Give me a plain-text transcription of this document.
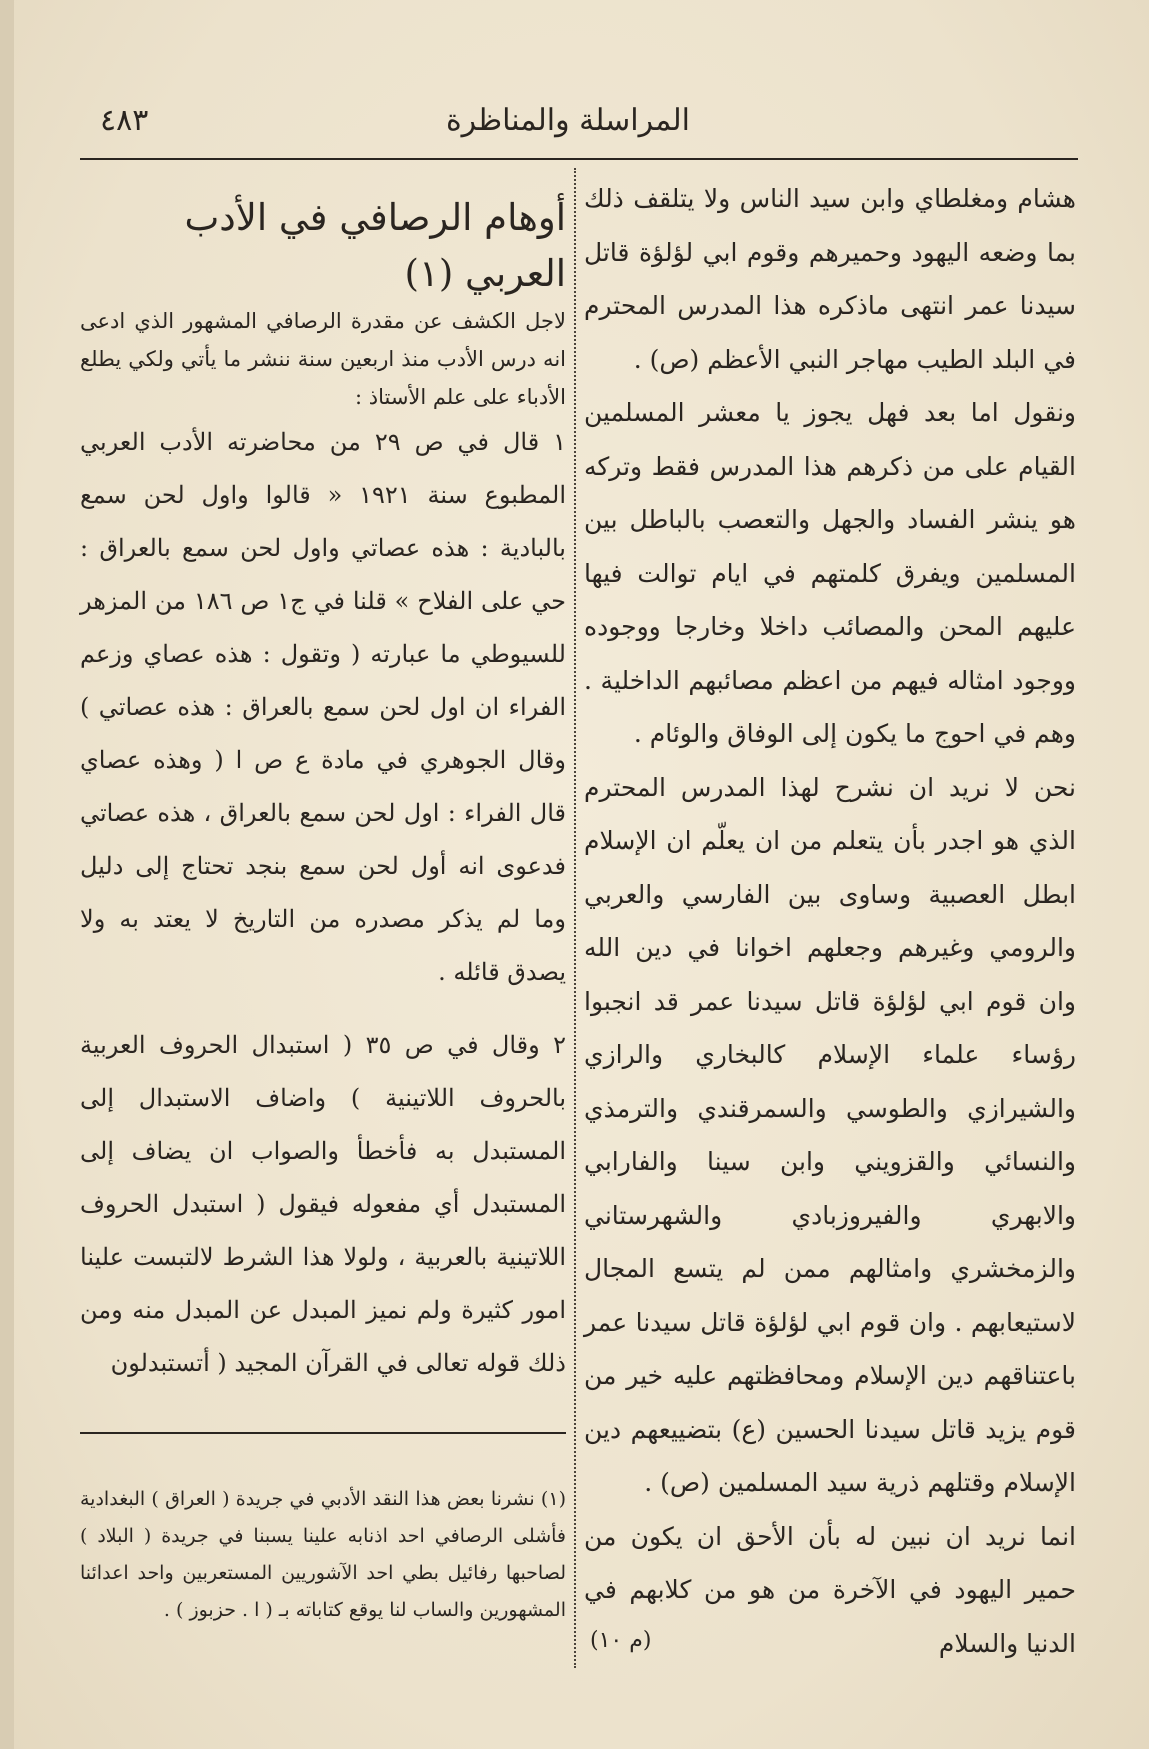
المراسلة والمناظرة
٤٨٣

هشام ومغلطاي وابن سيد الناس ولا يتلقف ذلك بما وضعه اليهود وحميرهم وقوم ابي لؤلؤة قاتل سيدنا عمر انتهى ماذكره هذا المدرس المحترم في البلد الطيب مهاجر النبي الأعظم (ص) .

ونقول اما بعد فهل يجوز يا معشر المسلمين القيام على من ذكرهم هذا المدرس فقط وتركه هو ينشر الفساد والجهل والتعصب بالباطل بين المسلمين ويفرق كلمتهم في ايام توالت فيها عليهم المحن والمصائب داخلا وخارجا ووجوده ووجود امثاله فيهم من اعظم مصائبهم الداخلية . وهم في احوج ما يكون إلى الوفاق والوئام .

نحن لا نريد ان نشرح لهذا المدرس المحترم الذي هو اجدر بأن يتعلم من ان يعلّم ان الإسلام ابطل العصبية وساوى بين الفارسي والعربي والرومي وغيرهم وجعلهم اخوانا في دين الله وان قوم ابي لؤلؤة قاتل سيدنا عمر قد انجبوا رؤساء علماء الإسلام كالبخاري والرازي والشيرازي والطوسي والسمرقندي والترمذي والنسائي والقزويني وابن سينا والفارابي والابهري والفيروزبادي والشهرستاني والزمخشري وامثالهم ممن لم يتسع المجال لاستيعابهم . وان قوم ابي لؤلؤة قاتل سيدنا عمر باعتناقهم دين الإسلام ومحافظتهم عليه خير من قوم يزيد قاتل سيدنا الحسين (ع) بتضييعهم دين الإسلام وقتلهم ذرية سيد المسلمين (ص) .

انما نريد ان نبين له بأن الأحق ان يكون من حمير اليهود في الآخرة من هو من كلابهم في الدنيا والسلام

أوهام الرصافي في الأدب العربي (١)

لاجل الكشف عن مقدرة الرصافي المشهور الذي ادعى انه درس الأدب منذ اربعين سنة ننشر ما يأتي ولكي يطلع الأدباء على علم الأستاذ :

١ قال في ص ٢٩ من محاضرته الأدب العربي المطبوع سنة ١٩٢١ « قالوا واول لحن سمع بالبادية : هذه عصاتي واول لحن سمع بالعراق : حي على الفلاح » قلنا في ج١ ص ١٨٦ من المزهر للسيوطي ما عبارته ( وتقول : هذه عصاي وزعم الفراء ان اول لحن سمع بالعراق : هذه عصاتي ) وقال الجوهري في مادة ع ص ا ( وهذه عصاي قال الفراء : اول لحن سمع بالعراق ، هذه عصاتي فدعوى انه أول لحن سمع بنجد تحتاج إلى دليل وما لم يذكر مصدره من التاريخ لا يعتد به ولا يصدق قائله .

٢ وقال في ص ٣٥ ( استبدال الحروف العربية بالحروف اللاتينية ) واضاف الاستبدال إلى المستبدل به فأخطأ والصواب ان يضاف إلى المستبدل أي مفعوله فيقول ( استبدل الحروف اللاتينية بالعربية ، ولولا هذا الشرط لالتبست علينا امور كثيرة ولم نميز المبدل عن المبدل منه ومن ذلك قوله تعالى في القرآن المجيد ( أتستبدلون

(١) نشرنا بعض هذا النقد الأدبي في جريدة ( العراق ) البغدادية فأشلى الرصافي احد اذنابه علينا يسبنا في جريدة ( البلاد ) لصاحبها رفائيل بطي احد الآشوريين المستعربين واحد اعدائنا المشهورين والساب لنا يوقع كتاباته بـ ( ا . حزبوز ) .

(م ١٠)
